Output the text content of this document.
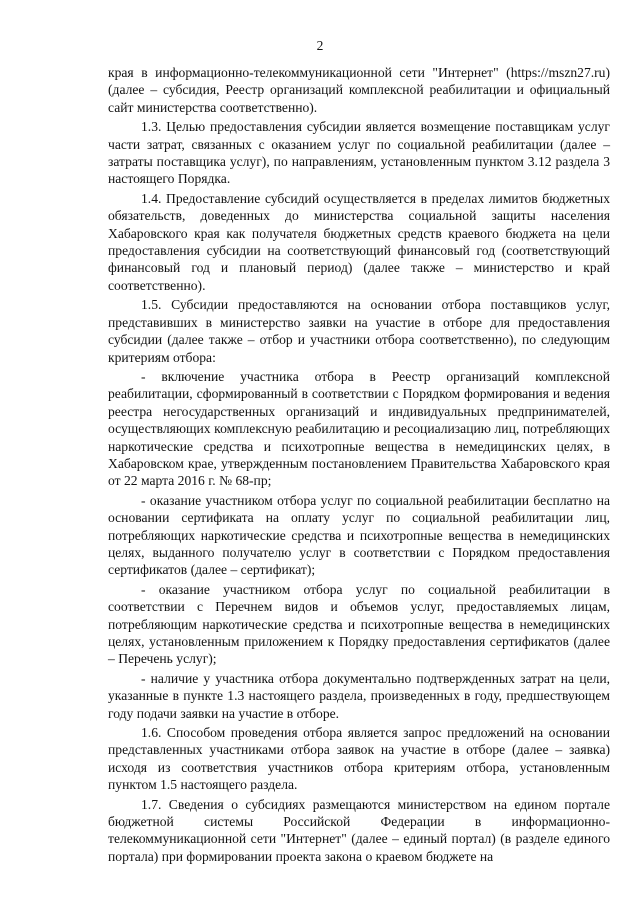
2

края в информационно-телекоммуникационной сети "Интернет" (https://mszn27.ru) (далее – субсидия, Реестр организаций комплексной реабилитации и официальный сайт министерства соответственно).

1.3. Целью предоставления субсидии является возмещение поставщикам услуг части затрат, связанных с оказанием услуг по социальной реабилитации (далее – затраты поставщика услуг), по направлениям, установленным пунктом 3.12 раздела 3 настоящего Порядка.

1.4. Предоставление субсидий осуществляется в пределах лимитов бюджетных обязательств, доведенных до министерства социальной защиты населения Хабаровского края как получателя бюджетных средств краевого бюджета на цели предоставления субсидии на соответствующий финансовый год (соответствующий финансовый год и плановый период) (далее также – министерство и край соответственно).

1.5. Субсидии предоставляются на основании отбора поставщиков услуг, представивших в министерство заявки на участие в отборе для предоставления субсидии (далее также – отбор и участники отбора соответственно), по следующим критериям отбора:

- включение участника отбора в Реестр организаций комплексной реабилитации, сформированный в соответствии с Порядком формирования и ведения реестра негосударственных организаций и индивидуальных предпринимателей, осуществляющих комплексную реабилитацию и ресоциализацию лиц, потребляющих наркотические средства и психотропные вещества в немедицинских целях, в Хабаровском крае, утвержденным постановлением Правительства Хабаровского края от 22 марта 2016 г. № 68-пр;

- оказание участником отбора услуг по социальной реабилитации бесплатно на основании сертификата на оплату услуг по социальной реабилитации лиц, потребляющих наркотические средства и психотропные вещества в немедицинских целях, выданного получателю услуг в соответствии с Порядком предоставления сертификатов (далее – сертификат);

- оказание участником отбора услуг по социальной реабилитации в соответствии с Перечнем видов и объемов услуг, предоставляемых лицам, потребляющим наркотические средства и психотропные вещества в немедицинских целях, установленным приложением к Порядку предоставления сертификатов (далее – Перечень услуг);

- наличие у участника отбора документально подтвержденных затрат на цели, указанные в пункте 1.3 настоящего раздела, произведенных в году, предшествующем году подачи заявки на участие в отборе.

1.6. Способом проведения отбора является запрос предложений на основании представленных участниками отбора заявок на участие в отборе (далее – заявка) исходя из соответствия участников отбора критериям отбора, установленным пунктом 1.5 настоящего раздела.

1.7. Сведения о субсидиях размещаются министерством на едином портале бюджетной системы Российской Федерации в информационно-телекоммуникационной сети "Интернет" (далее – единый портал) (в разделе единого портала) при формировании проекта закона о краевом бюджете на
